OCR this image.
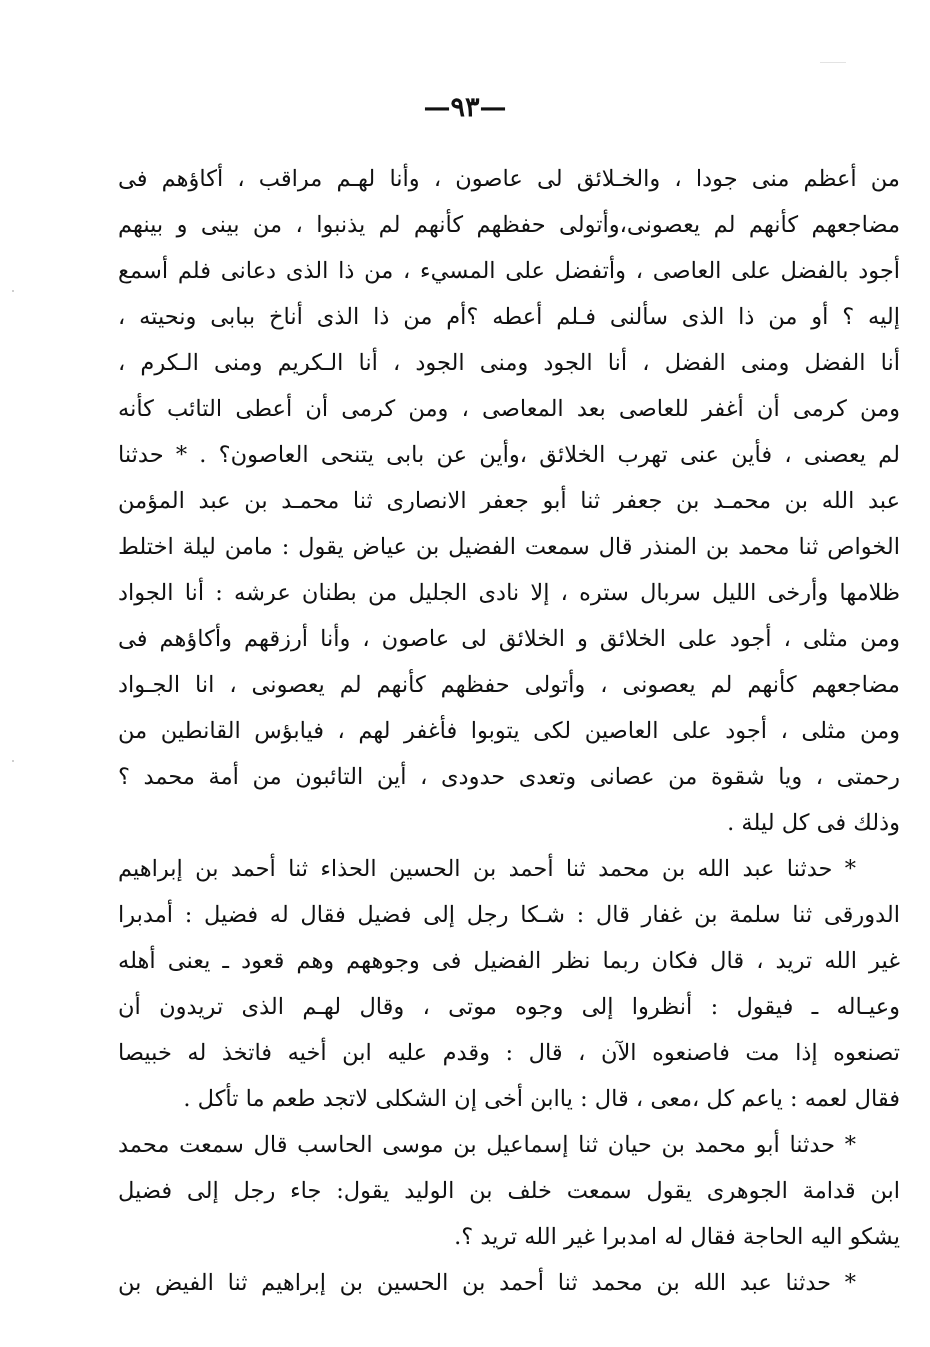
—٩٣—
من أعظم منى جودا ، والخـلائق لى عاصون ، وأنا لهـم مراقب ، أكاؤهم فى
مضاجعهم كأنهم لم يعصونى،وأتولى حفظهم كأنهم لم يذنبوا ، من بينى و بينهم
أجود بالفضل على العاصى ، وأتفضل على المسيء ، من ذا الذى دعانى فلم أسمع
إليه ؟ أو من ذا الذى سألنى فـلم أعطه ؟أم من ذا الذى أناخ ببابى ونحيته ،
أنا الفضل ومنى الفضل ، أنا الجود ومنى الجود ، أنا الـكريم ومنى الـكرم ،
ومن كرمى أن أغفر للعاصى بعد المعاصى ، ومن كرمى أن أعطى التائب كأنه
لم يعصنى ، فأين عنى تهرب الخلائق ،وأين عن بابى يتنحى العاصون؟ . * حدثنا
عبد الله بن محمـد بن جعفر ثنا أبو جعفر الانصارى ثنا محمـد بن عبد المؤمن
الخواص ثنا محمد بن المنذر قال سمعت الفضيل بن عياض يقول : مامن ليلة اختلط
ظلامها وأرخى الليل سربال ستره ، إلا نادى الجليل من بطنان عرشه : أنا الجواد
ومن مثلى ، أجود على الخلائق و الخلائق لى عاصون ، وأنا أرزقهم وأكاؤهم فى
مضاجعهم كأنهم لم يعصونى ، وأتولى حفظهم كأنهم لم يعصونى ، انا الجـواد
ومن مثلى ، أجود على العاصين لكى يتوبوا فأغفر لهم ، فيابؤس القانطين من
رحمتى ، ويا شقوة من عصانى وتعدى حدودى ، أين التائبون من أمة محمد ؟
وذلك فى كل ليلة .
* حدثنا عبد الله بن محمد ثنا أحمد بن الحسين الحذاء ثنا أحمد بن إبراهيم
الدورقى ثنا سلمة بن غفار قال : شـكا رجل إلى فضيل فقال له فضيل : أمدبرا
غير الله تريد ، قال فكان ربما نظر الفضيل فى وجوههم وهم قعود ـ يعنى أهله
وعيـاله ـ فيقول : أنظروا إلى وجوه موتى ، وقال لهـم الذى تريدون أن
تصنعوه إذا مت فاصنعوه الآن ، قال : وقدم عليه ابن أخيه فاتخذ له خبيصا
فقال لعمه : ياعم كل ،معى ، قال : ياابن أخى إن الشكلى لاتجد طعم ما تأكل .
* حدثنا أبو محمد بن حيان ثنا إسماعيل بن موسى الحاسب قال سمعت محمد
ابن قدامة الجوهرى يقول سمعت خلف بن الوليد يقول: جاء رجل إلى فضيل
يشكو اليه الحاجة فقال له امدبرا غير الله تريد ؟.
* حدثنا عبد الله بن محمد ثنا أحمد بن الحسين بن إبراهيم ثنا الفيض بن
